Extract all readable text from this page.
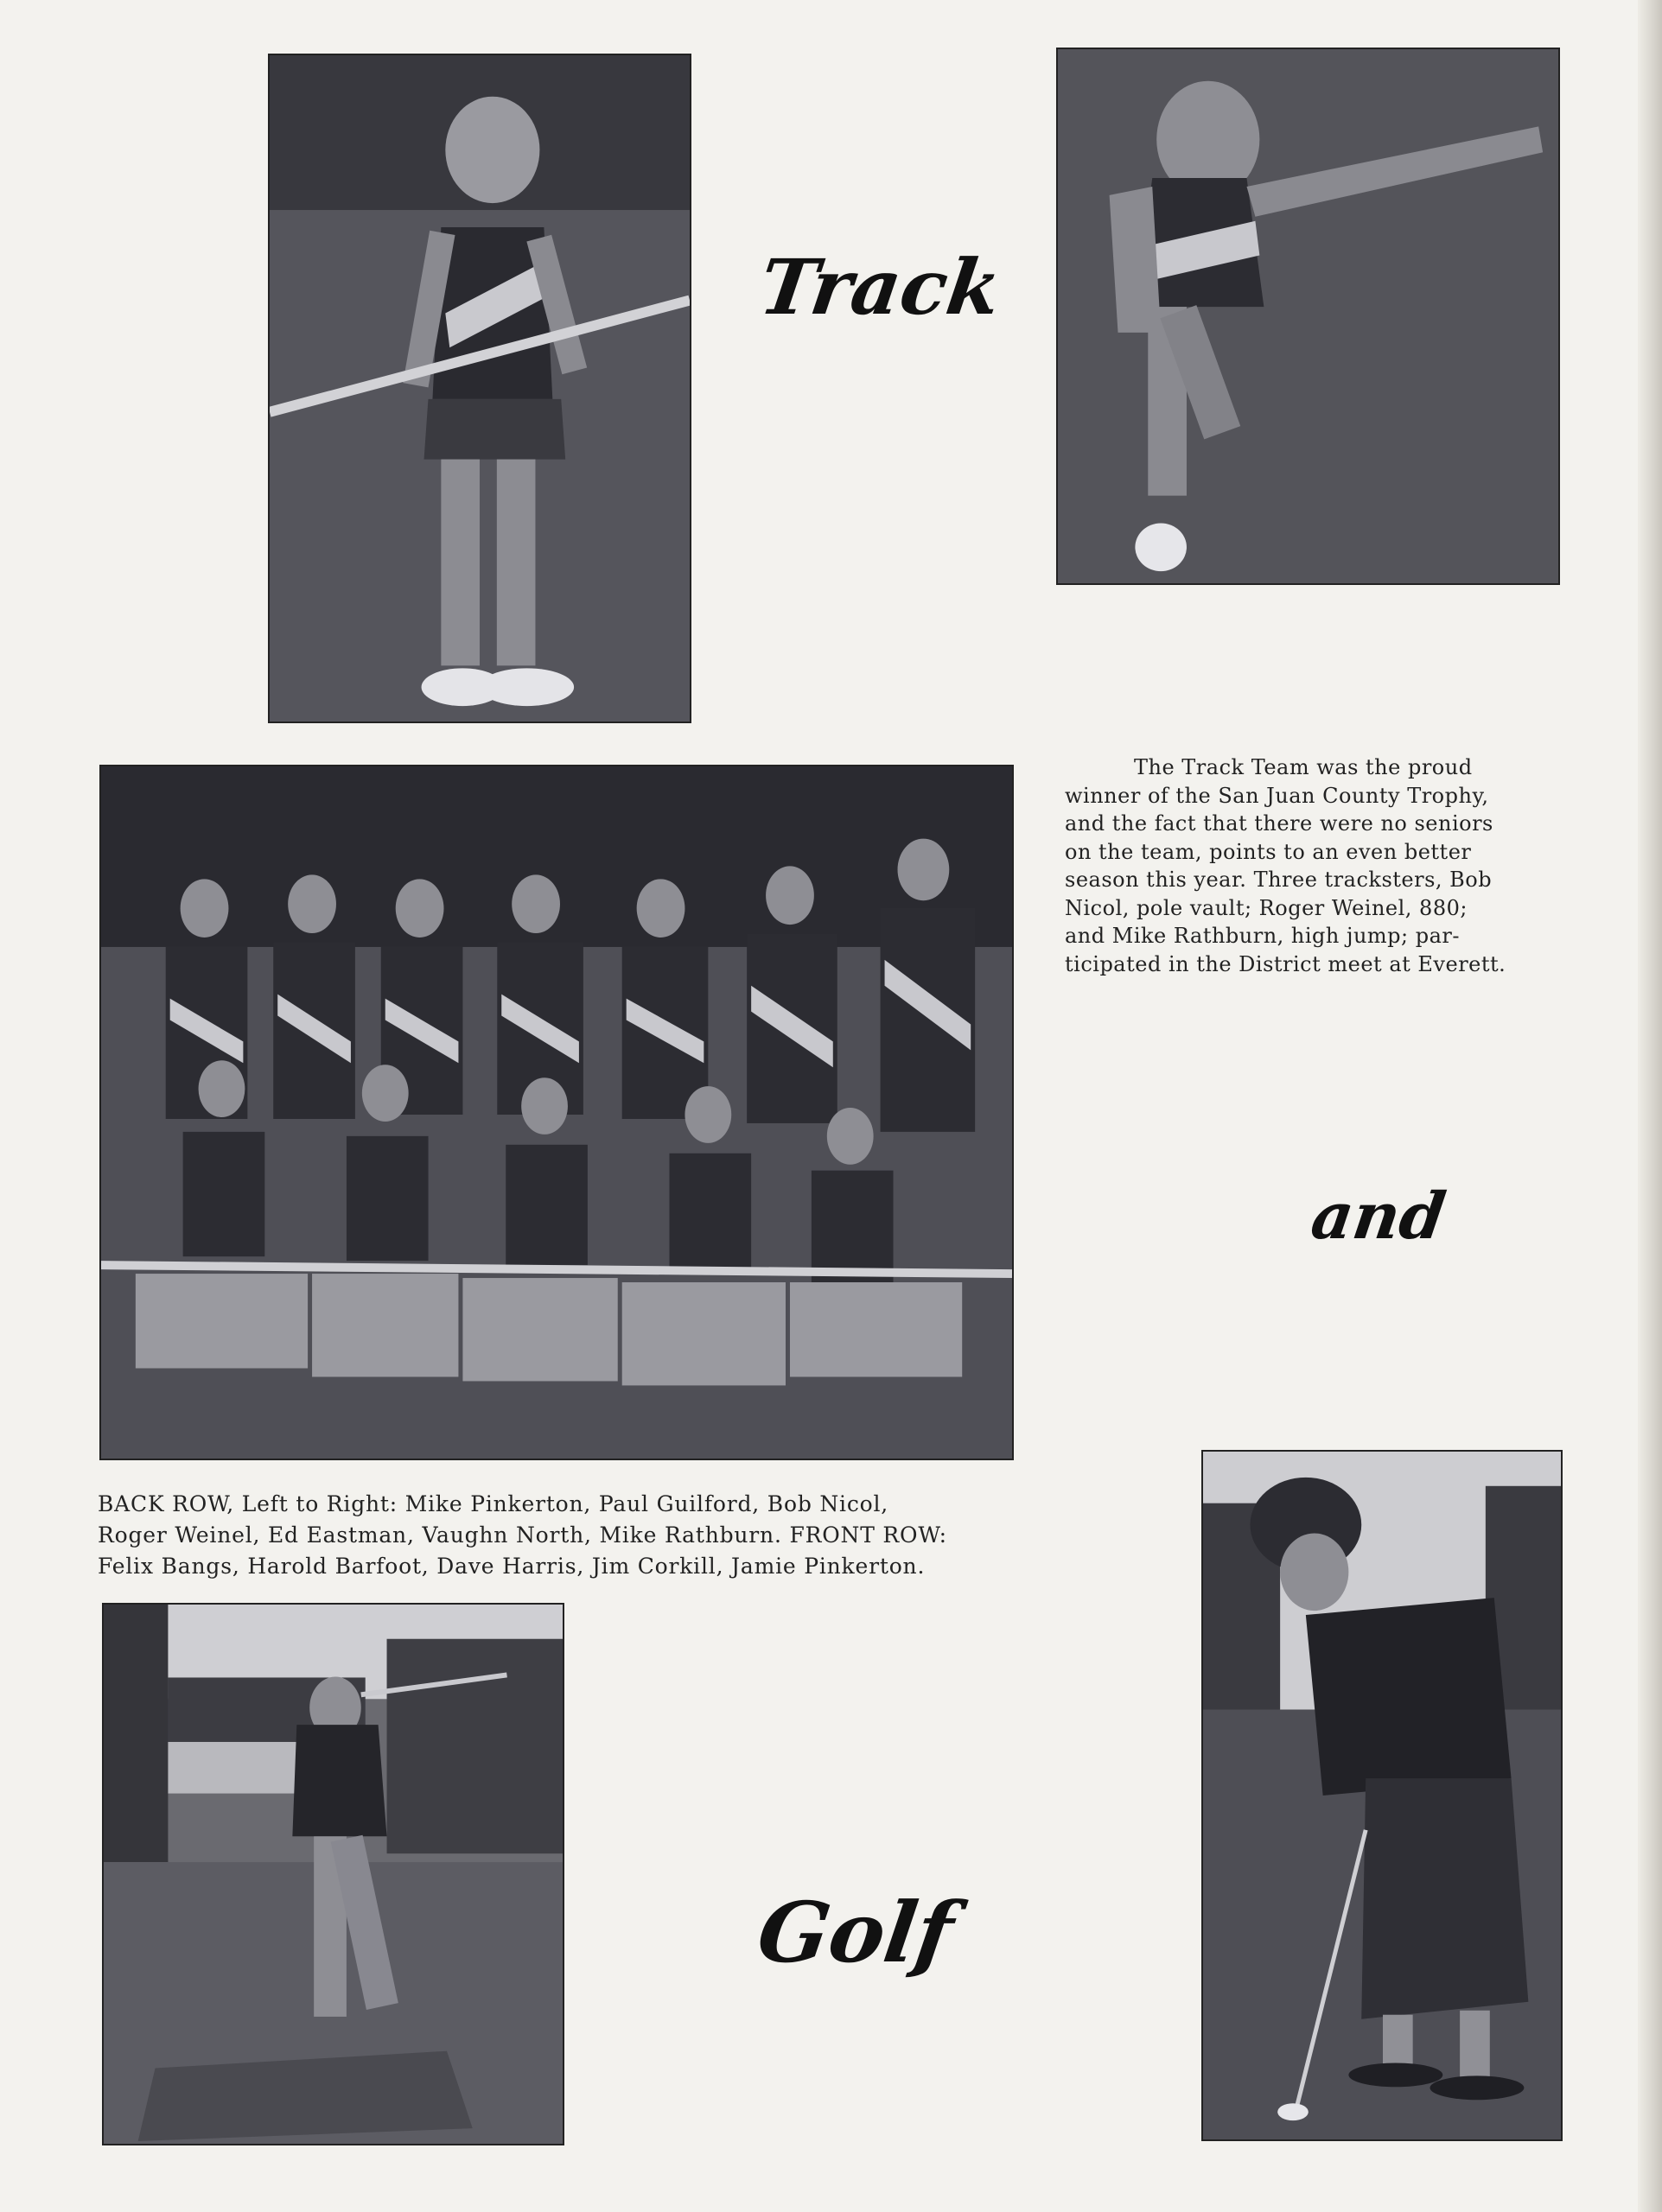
Track
The Track Team was the proud
winner of the San Juan County Trophy,
and the fact that there were no seniors
on the team, points to an even better
season this year. Three tracksters, Bob
Nicol, pole vault; Roger Weinel, 880;
and Mike Rathburn, high jump; par-
ticipated in the District meet at Everett.
and
BACK ROW, Left to Right: Mike Pinkerton, Paul Guilford, Bob Nicol,
Roger Weinel, Ed Eastman, Vaughn North, Mike Rathburn. FRONT ROW:
Felix Bangs, Harold Barfoot, Dave Harris, Jim Corkill, Jamie Pinkerton.
Golf
